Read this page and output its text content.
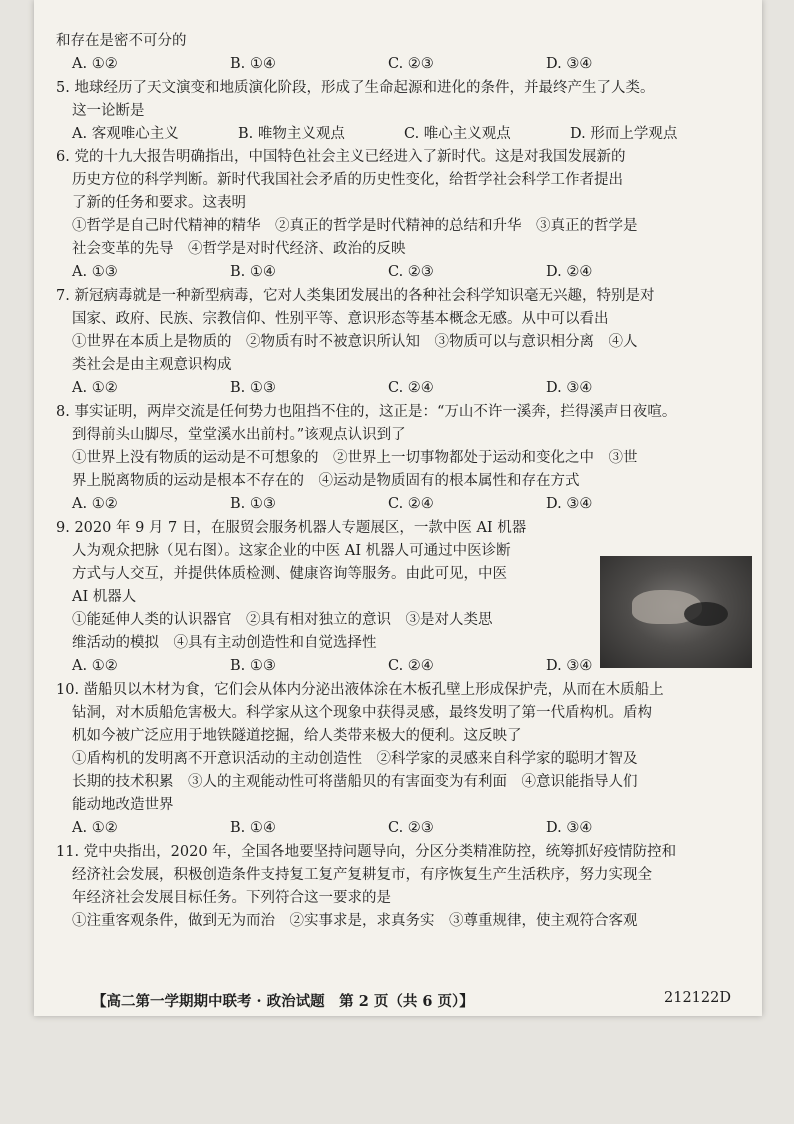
和存在是密不可分的
A. ①②	B. ①④	C. ②③	D. ③④
5. 地球经历了天文演变和地质演化阶段，形成了生命起源和进化的条件，并最终产生了人类。
这一论断是
A. 客观唯心主义	B. 唯物主义观点	C. 唯心主义观点	D. 形而上学观点
6. 党的十九大报告明确指出，中国特色社会主义已经进入了新时代。这是对我国发展新的
历史方位的科学判断。新时代我国社会矛盾的历史性变化，给哲学社会科学工作者提出
了新的任务和要求。这表明
①哲学是自己时代精神的精华　②真正的哲学是时代精神的总结和升华　③真正的哲学是
社会变革的先导　④哲学是对时代经济、政治的反映
A. ①③	B. ①④	C. ②③	D. ②④
7. 新冠病毒就是一种新型病毒，它对人类集团发展出的各种社会科学知识毫无兴趣，特别是对
国家、政府、民族、宗教信仰、性别平等、意识形态等基本概念无感。从中可以看出
①世界在本质上是物质的　②物质有时不被意识所认知　③物质可以与意识相分离　④人
类社会是由主观意识构成
A. ①②	B. ①③	C. ②④	D. ③④
8. 事实证明，两岸交流是任何势力也阻挡不住的，这正是：“万山不许一溪奔，拦得溪声日夜喧。
到得前头山脚尽，堂堂溪水出前村。”该观点认识到了
①世界上没有物质的运动是不可想象的　②世界上一切事物都处于运动和变化之中　③世
界上脱离物质的运动是根本不存在的　④运动是物质固有的根本属性和存在方式
A. ①②	B. ①③	C. ②④	D. ③④
9. 2020 年 9 月 7 日，在服贸会服务机器人专题展区，一款中医 AI 机器
人为观众把脉（见右图）。这家企业的中医 AI 机器人可通过中医诊断
方式与人交互，并提供体质检测、健康咨询等服务。由此可见，中医
AI 机器人
①能延伸人类的认识器官　②具有相对独立的意识　③是对人类思
维活动的模拟　④具有主动创造性和自觉选择性
A. ①②	B. ①③	C. ②④	D. ③④
10. 凿船贝以木材为食，它们会从体内分泌出液体涂在木板孔壁上形成保护壳，从而在木质船上
钻洞，对木质船危害极大。科学家从这个现象中获得灵感，最终发明了第一代盾构机。盾构
机如今被广泛应用于地铁隧道挖掘，给人类带来极大的便利。这反映了
①盾构机的发明离不开意识活动的主动创造性　②科学家的灵感来自科学家的聪明才智及
长期的技术积累　③人的主观能动性可将凿船贝的有害面变为有利面　④意识能指导人们
能动地改造世界
A. ①②	B. ①④	C. ②③	D. ③④
11. 党中央指出，2020 年，全国各地要坚持问题导向，分区分类精准防控，统筹抓好疫情防控和
经济社会发展，积极创造条件支持复工复产复耕复市，有序恢复生产生活秩序，努力实现全
年经济社会发展目标任务。下列符合这一要求的是
①注重客观条件，做到无为而治　②实事求是，求真务实　③尊重规律，使主观符合客观
【高二第一学期期中联考 · 政治试题　第 2 页（共 6 页）】	212122D
